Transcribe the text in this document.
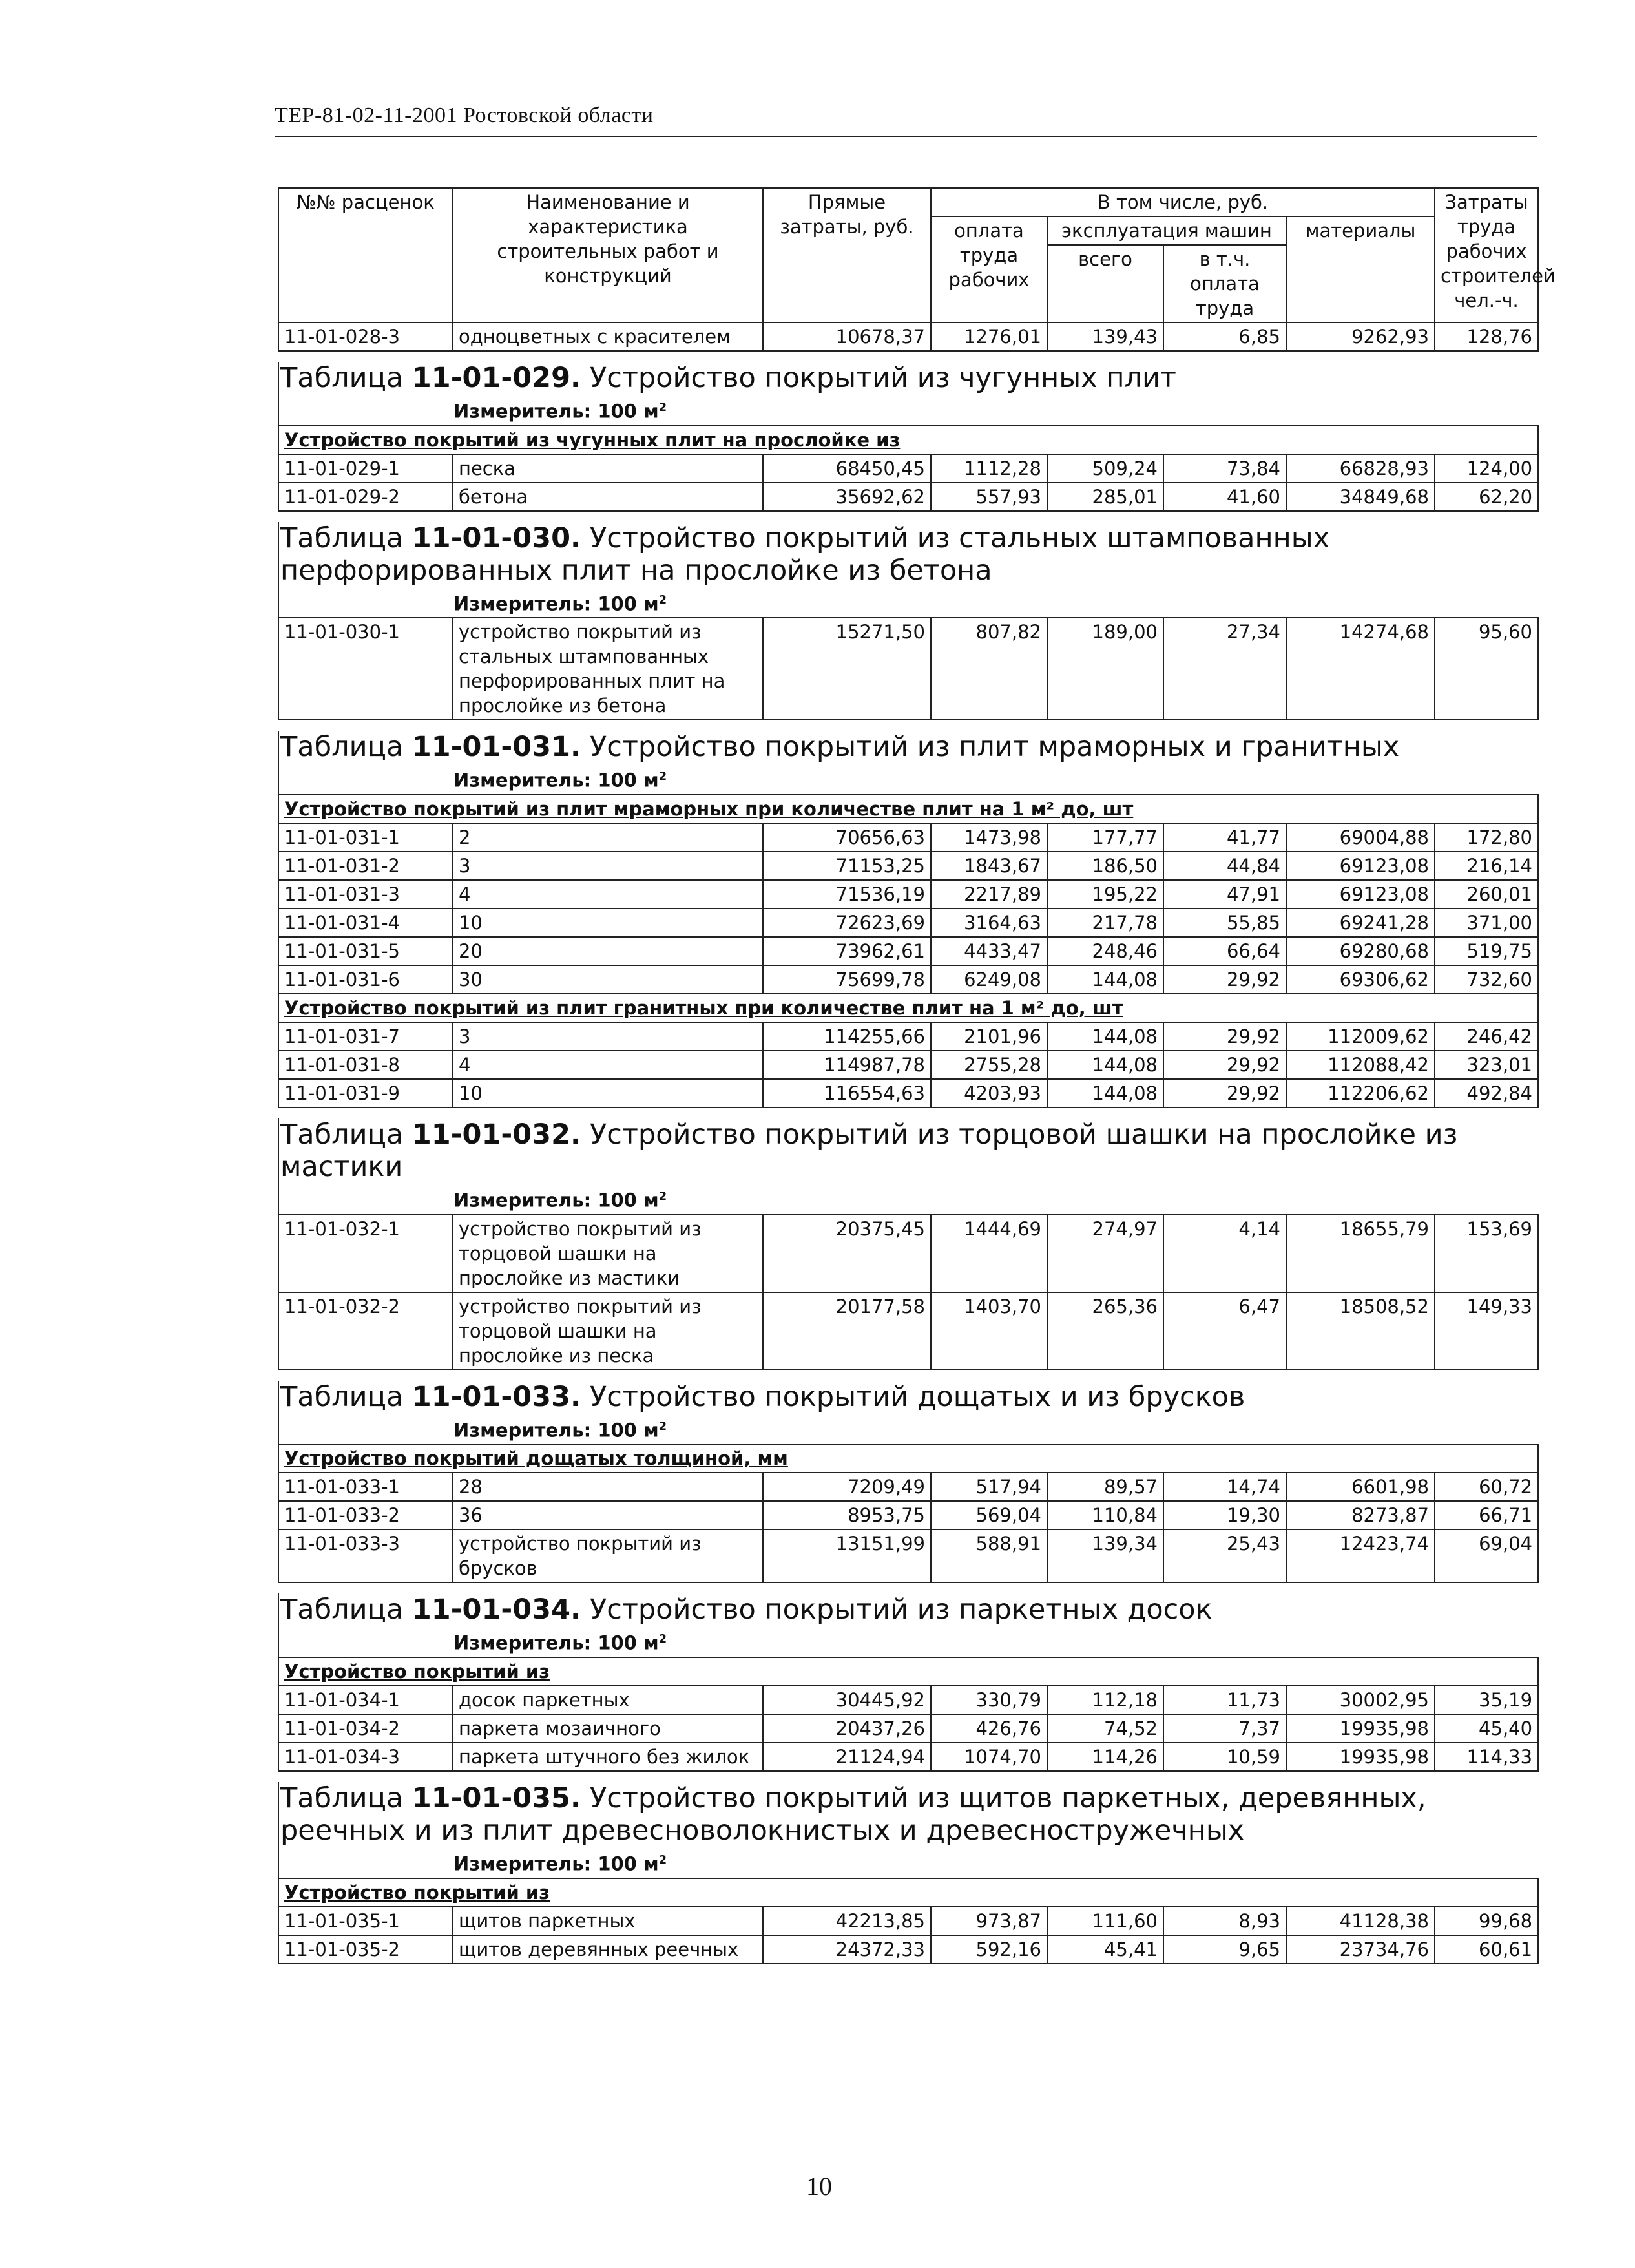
ТЕР-81-02-11-2001 Ростовской области
№№ расценок	Наименование и характеристика строительных работ и конструкций	Прямые затраты, руб.	В том числе, руб.				Затраты труда рабочих строителей чел.-ч.
			оплата труда рабочих	эксплуатация машин		материалы	
				всего	в т.ч. оплата труда		
11-01-028-3	одноцветных с красителем	10678,37	1276,01	139,43	6,85	9262,93	128,76
Таблица 11-01-029. Устройство покрытий из чугунных плит
Измеритель: 100 $м^2$
Устройство покрытий из чугунных плит на прослойке из							
11-01-029-1	песка	68450,45	1112,28	509,24	73,84	66828,93	124,00
11-01-029-2	бетона	35692,62	557,93	285,01	41,60	34849,68	62,20
Таблица 11-01-030. Устройство покрытий из стальных штампованных перфорированных плит на прослойке из бетона
Измеритель: 100 $м^2$
11-01-030-1	устройство покрытий из стальных штампованных перфорированных плит на прослойке из бетона	15271,50	807,82	189,00	27,34	14274,68	95,60
Таблица 11-01-031. Устройство покрытий из плит мраморных и гранитных
Измеритель: 100 $м^2$
Устройство покрытий из плит мраморных при количестве плит на 1 м² до, шт							
11-01-031-1	2	70656,63	1473,98	177,77	41,77	69004,88	172,80
11-01-031-2	3	71153,25	1843,67	186,50	44,84	69123,08	216,14
11-01-031-3	4	71536,19	2217,89	195,22	47,91	69123,08	260,01
11-01-031-4	10	72623,69	3164,63	217,78	55,85	69241,28	371,00
11-01-031-5	20	73962,61	4433,47	248,46	66,64	69280,68	519,75
11-01-031-6	30	75699,78	6249,08	144,08	29,92	69306,62	732,60
Устройство покрытий из плит гранитных при количестве плит на 1 м² до, шт							
11-01-031-7	3	114255,66	2101,96	144,08	29,92	112009,62	246,42
11-01-031-8	4	114987,78	2755,28	144,08	29,92	112088,42	323,01
11-01-031-9	10	116554,63	4203,93	144,08	29,92	112206,62	492,84
Таблица 11-01-032. Устройство покрытий из торцовой шашки на прослойке из мастики
Измеритель: 100 $м^2$
11-01-032-1	устройство покрытий из торцовой шашки на прослойке из мастики	20375,45	1444,69	274,97	4,14	18655,79	153,69
11-01-032-2	устройство покрытий из торцовой шашки на прослойке из песка	20177,58	1403,70	265,36	6,47	18508,52	149,33
Таблица 11-01-033. Устройство покрытий дощатых и из брусков
Измеритель: 100 $м^2$
Устройство покрытий дощатых толщиной, мм							
11-01-033-1	28	7209,49	517,94	89,57	14,74	6601,98	60,72
11-01-033-2	36	8953,75	569,04	110,84	19,30	8273,87	66,71
11-01-033-3	устройство покрытий из брусков	13151,99	588,91	139,34	25,43	12423,74	69,04
Таблица 11-01-034. Устройство покрытий из паркетных досок
Измеритель: 100 $м^2$
Устройство покрытий из							
11-01-034-1	досок паркетных	30445,92	330,79	112,18	11,73	30002,95	35,19
11-01-034-2	паркета мозаичного	20437,26	426,76	74,52	7,37	19935,98	45,40
11-01-034-3	паркета штучного без жилок	21124,94	1074,70	114,26	10,59	19935,98	114,33
Таблица 11-01-035. Устройство покрытий из щитов паркетных, деревянных, реечных и из плит древесноволокнистых и древесностружечных
Измеритель: 100 $м^2$
Устройство покрытий из							
11-01-035-1	щитов паркетных	42213,85	973,87	111,60	8,93	41128,38	99,68
11-01-035-2	щитов деревянных реечных	24372,33	592,16	45,41	9,65	23734,76	60,61
10
